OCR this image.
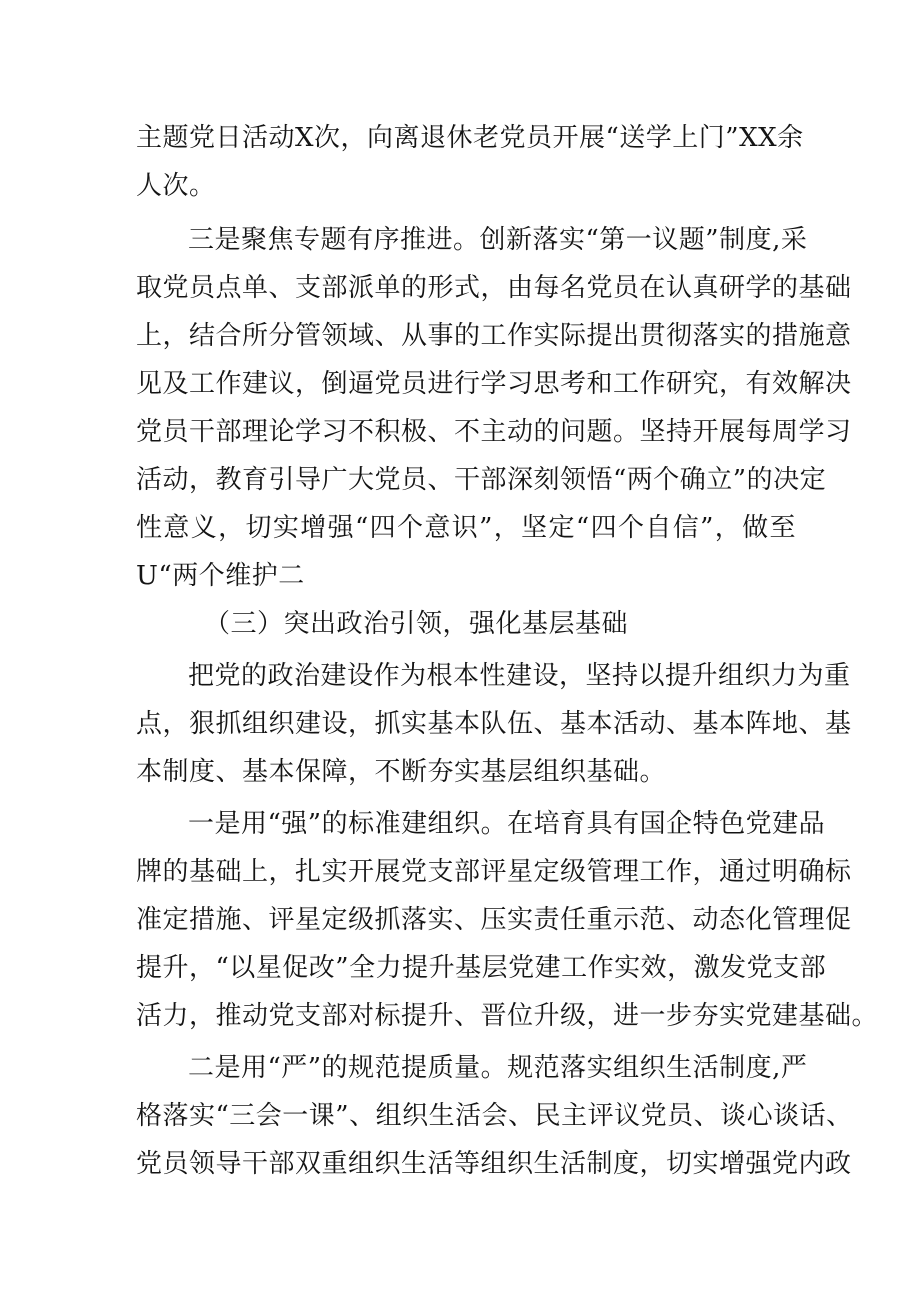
主题党日活动X次，向离退休老党员开展“送学上门”XX余
人次。
三是聚焦专题有序推进。创新落实“第一议题”制度,采
取党员点单、支部派单的形式，由每名党员在认真研学的基础
上，结合所分管领域、从事的工作实际提出贯彻落实的措施意
见及工作建议，倒逼党员进行学习思考和工作研究，有效解决
党员干部理论学习不积极、不主动的问题。坚持开展每周学习
活动，教育引导广大党员、干部深刻领悟“两个确立”的决定
性意义，切实增强“四个意识”，坚定“四个自信”，做至
U“两个维护二
（三）突出政治引领，强化基层基础
把党的政治建设作为根本性建设，坚持以提升组织力为重
点，狠抓组织建设，抓实基本队伍、基本活动、基本阵地、基
本制度、基本保障，不断夯实基层组织基础。
一是用“强”的标准建组织。在培育具有国企特色党建品
牌的基础上，扎实开展党支部评星定级管理工作，通过明确标
准定措施、评星定级抓落实、压实责任重示范、动态化管理促
提升，“以星促改”全力提升基层党建工作实效，激发党支部
活力，推动党支部对标提升、晋位升级，进一步夯实党建基础。
二是用“严”的规范提质量。规范落实组织生活制度,严
格落实“三会一课”、组织生活会、民主评议党员、谈心谈话、
党员领导干部双重组织生活等组织生活制度，切实增强党内政
